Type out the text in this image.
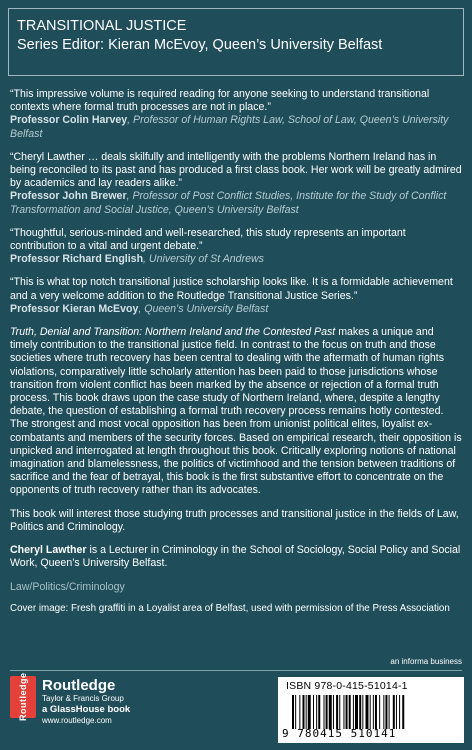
TRANSITIONAL JUSTICE
Series Editor: Kieran McEvoy, Queen’s University Belfast
“This impressive volume is required reading for anyone seeking to understand transitional contexts where formal truth processes are not in place.”
Professor Colin Harvey, Professor of Human Rights Law, School of Law, Queen’s University Belfast
“Cheryl Lawther … deals skilfully and intelligently with the problems Northern Ireland has in being reconciled to its past and has produced a first class book. Her work will be greatly admired by academics and lay readers alike.”
Professor John Brewer, Professor of Post Conflict Studies, Institute for the Study of Conflict Transformation and Social Justice, Queen’s University Belfast
“Thoughtful, serious-minded and well-researched, this study represents an important contribution to a vital and urgent debate.”
Professor Richard English, University of St Andrews
“This is what top notch transitional justice scholarship looks like. It is a formidable achievement and a very welcome addition to the Routledge Transitional Justice Series.”
Professor Kieran McEvoy, Queen’s University Belfast
Truth, Denial and Transition: Northern Ireland and the Contested Past makes a unique and timely contribution to the transitional justice field. In contrast to the focus on truth and those societies where truth recovery has been central to dealing with the aftermath of human rights violations, comparatively little scholarly attention has been paid to those jurisdictions whose transition from violent conflict has been marked by the absence or rejection of a formal truth process. This book draws upon the case study of Northern Ireland, where, despite a lengthy debate, the question of establishing a formal truth recovery process remains hotly contested. The strongest and most vocal opposition has been from unionist political elites, loyalist ex-combatants and members of the security forces. Based on empirical research, their opposition is unpicked and interrogated at length throughout this book. Critically exploring notions of national imagination and blamelessness, the politics of victimhood and the tension between traditions of sacrifice and the fear of betrayal, this book is the first substantive effort to concentrate on the opponents of truth recovery rather than its advocates.
This book will interest those studying truth processes and transitional justice in the fields of Law, Politics and Criminology.
Cheryl Lawther is a Lecturer in Criminology in the School of Sociology, Social Policy and Social Work, Queen’s University Belfast.
Law/Politics/Criminology
Cover image: Fresh graffiti in a Loyalist area of Belfast, used with permission of the Press Association
an informa business
Routledge Routledge
Taylor & Francis Group
a GlassHouse book
www.routledge.com
ISBN 978-0-415-51014-1
9 780415 510141
